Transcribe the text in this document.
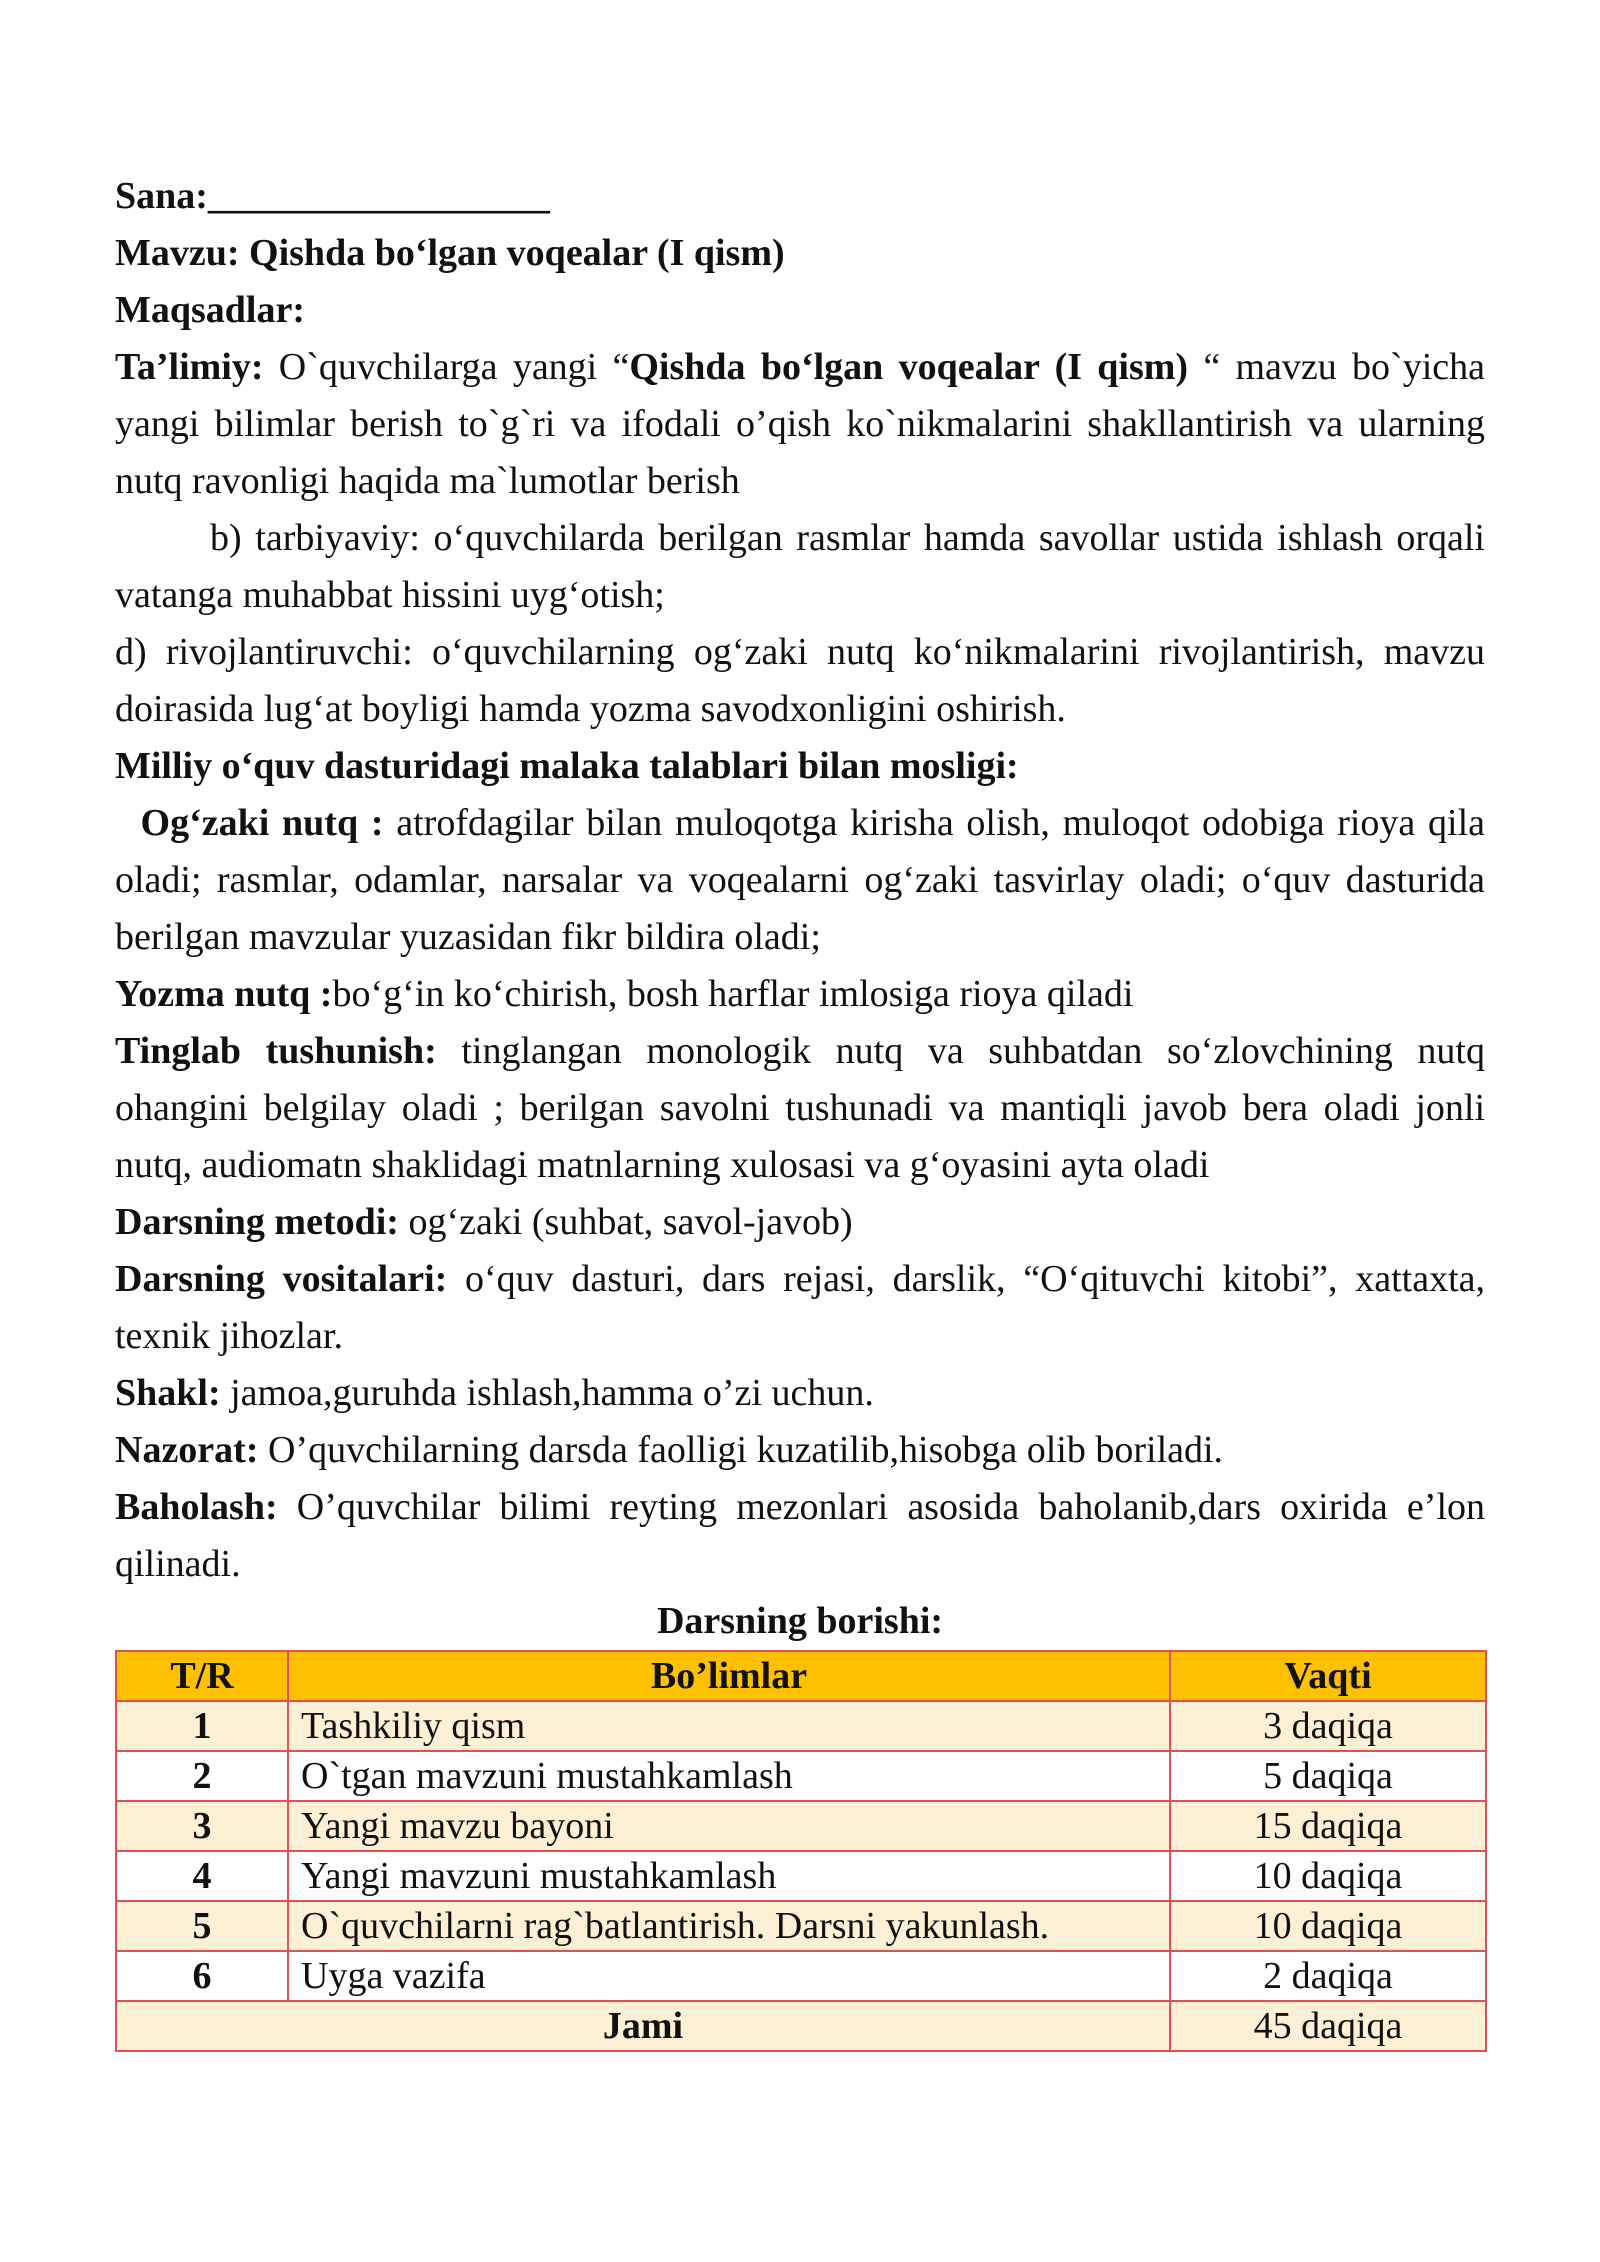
Sana:__________________

Mavzu: Qishda bo‘lgan voqealar (I qism)

Maqsadlar:

Ta’limiy: O`quvchilarga yangi “Qishda bo‘lgan voqealar (I qism) “ mavzu bo`yicha yangi bilimlar berish to`g`ri va ifodali o’qish ko`nikmalarini shakllantirish va ularning nutq ravonligi haqida ma`lumotlar berish

b) tarbiyaviy: o‘quvchilarda berilgan rasmlar hamda savollar ustida ishlash orqali vatanga muhabbat hissini uyg‘otish;

d) rivojlantiruvchi: o‘quvchilarning og‘zaki nutq ko‘nikmalarini rivojlantirish, mavzu doirasida lug‘at boyligi hamda yozma savodxonligini oshirish.

Milliy o‘quv dasturidagi malaka talablari bilan mosligi:

Og‘zaki nutq : atrofdagilar bilan muloqotga kirisha olish, muloqot odobiga rioya qila oladi; rasmlar, odamlar, narsalar va voqealarni og‘zaki tasvirlay oladi; o‘quv dasturida berilgan mavzular yuzasidan fikr bildira oladi;

Yozma nutq :bo‘g‘in ko‘chirish, bosh harflar imlosiga rioya qiladi

Tinglab tushunish: tinglangan monologik nutq va suhbatdan so‘zlovchining nutq ohangini belgilay oladi ; berilgan savolni tushunadi va mantiqli javob bera oladi jonli nutq, audiomatn shaklidagi matnlarning xulosasi va g‘oyasini ayta oladi

Darsning metodi: og‘zaki (suhbat, savol-javob)

Darsning vositalari: o‘quv dasturi, dars rejasi, darslik, “O‘qituvchi kitobi”, xattaxta, texnik jihozlar.

Shakl: jamoa,guruhda ishlash,hamma o’zi uchun.

Nazorat: O’quvchilarning darsda faolligi kuzatilib,hisobga olib boriladi.

Baholash: O’quvchilar bilimi reyting mezonlari asosida baholanib,dars oxirida e’lon qilinadi.

Darsning borishi:

T/R	Bo’limlar	Vaqti
1	Tashkiliy qism	3 daqiqa
2	O`tgan mavzuni mustahkamlash	5 daqiqa
3	Yangi mavzu bayoni	15 daqiqa
4	Yangi mavzuni mustahkamlash	10 daqiqa
5	O`quvchilarni rag`batlantirish. Darsni yakunlash.	10 daqiqa
6	Uyga vazifa	2 daqiqa
Jami		45 daqiqa
